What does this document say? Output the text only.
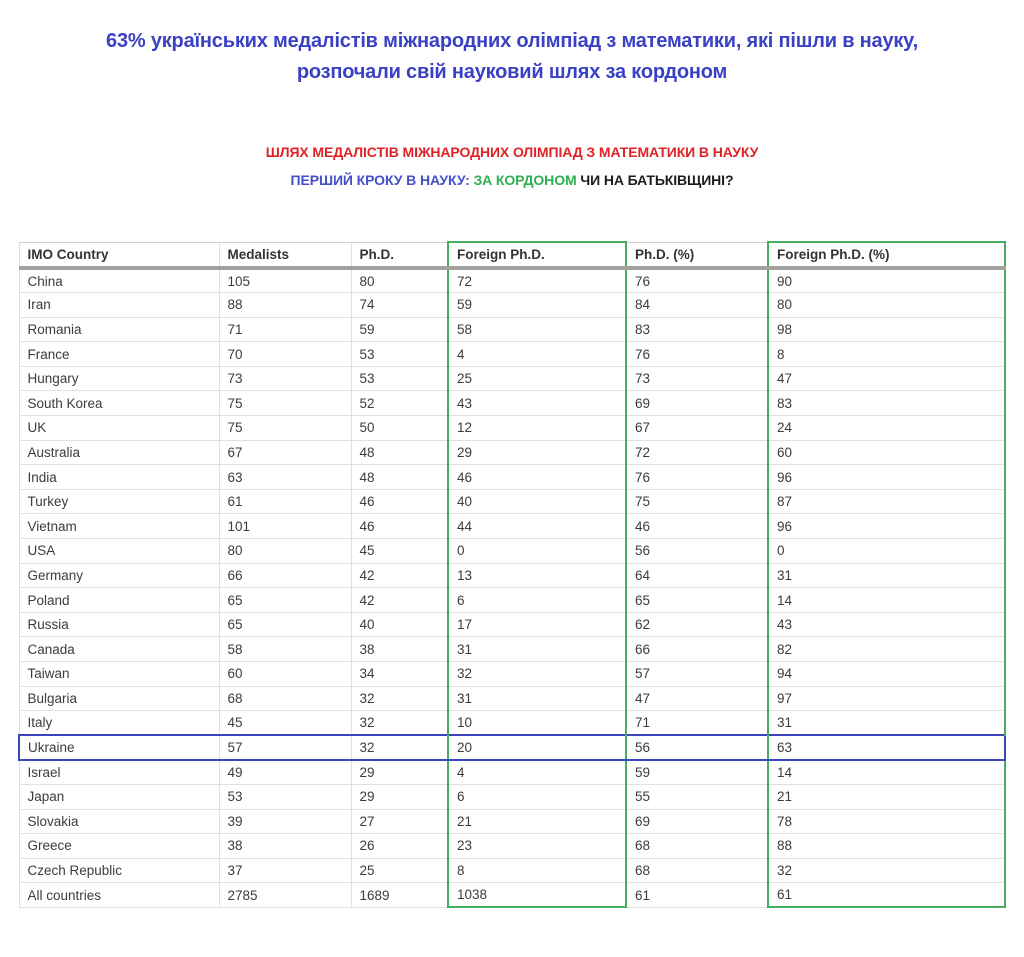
63% українських медалістів міжнародних олімпіад з математики, які пішли в науку,
розпочали свій науковий шлях за кордоном
ШЛЯХ МЕДАЛІСТІВ МІЖНАРОДНИХ ОЛІМПІАД З МАТЕМАТИКИ В НАУКУ
ПЕРШИЙ КРОКУ В НАУКУ: ЗА КОРДОНОМ ЧИ НА БАТЬКІВЩИНІ?
IMO Country	Medalists	Ph.D.	Foreign Ph.D.	Ph.D. (%)	Foreign Ph.D. (%)
China	105	80	72	76	90
Iran	88	74	59	84	80
Romania	71	59	58	83	98
France	70	53	4	76	8
Hungary	73	53	25	73	47
South Korea	75	52	43	69	83
UK	75	50	12	67	24
Australia	67	48	29	72	60
India	63	48	46	76	96
Turkey	61	46	40	75	87
Vietnam	101	46	44	46	96
USA	80	45	0	56	0
Germany	66	42	13	64	31
Poland	65	42	6	65	14
Russia	65	40	17	62	43
Canada	58	38	31	66	82
Taiwan	60	34	32	57	94
Bulgaria	68	32	31	47	97
Italy	45	32	10	71	31
Ukraine	57	32	20	56	63
Israel	49	29	4	59	14
Japan	53	29	6	55	21
Slovakia	39	27	21	69	78
Greece	38	26	23	68	88
Czech Republic	37	25	8	68	32
All countries	2785	1689	1038	61	61
